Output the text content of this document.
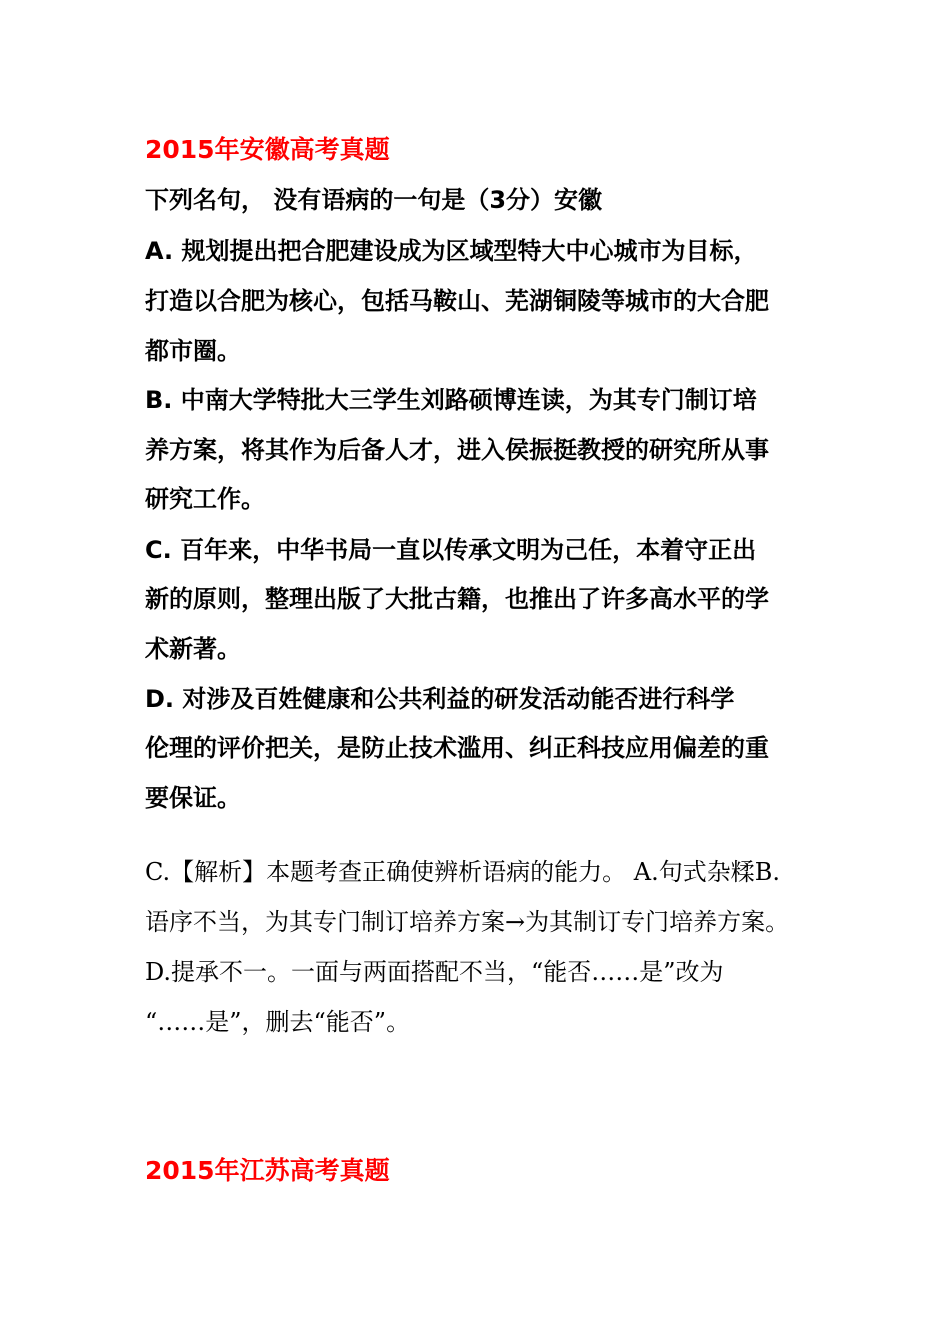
2015年安徽高考真题
下列名句， 没有语病的一句是（3分）安徽
A. 规划提出把合肥建设成为区域型特大中心城市为目标，
打造以合肥为核心，包括马鞍山、芜湖铜陵等城市的大合肥
都市圈。
B. 中南大学特批大三学生刘路硕博连读，为其专门制订培
养方案，将其作为后备人才，进入侯振挺教授的研究所从事
研究工作。
C. 百年来，中华书局一直以传承文明为己任，本着守正出
新的原则，整理出版了大批古籍，也推出了许多高水平的学
术新著。
D. 对涉及百姓健康和公共利益的研发活动能否进行科学
伦理的评价把关，是防止技术滥用、纠正科技应用偏差的重
要保证。
C.【解析】本题考查正确使辨析语病的能力。 A.句式杂糅B.
语序不当，为其专门制订培养方案→为其制订专门培养方案。
D.提承不一。一面与两面搭配不当，“能否……是”改为
“……是”，删去“能否”。
2015年江苏高考真题
